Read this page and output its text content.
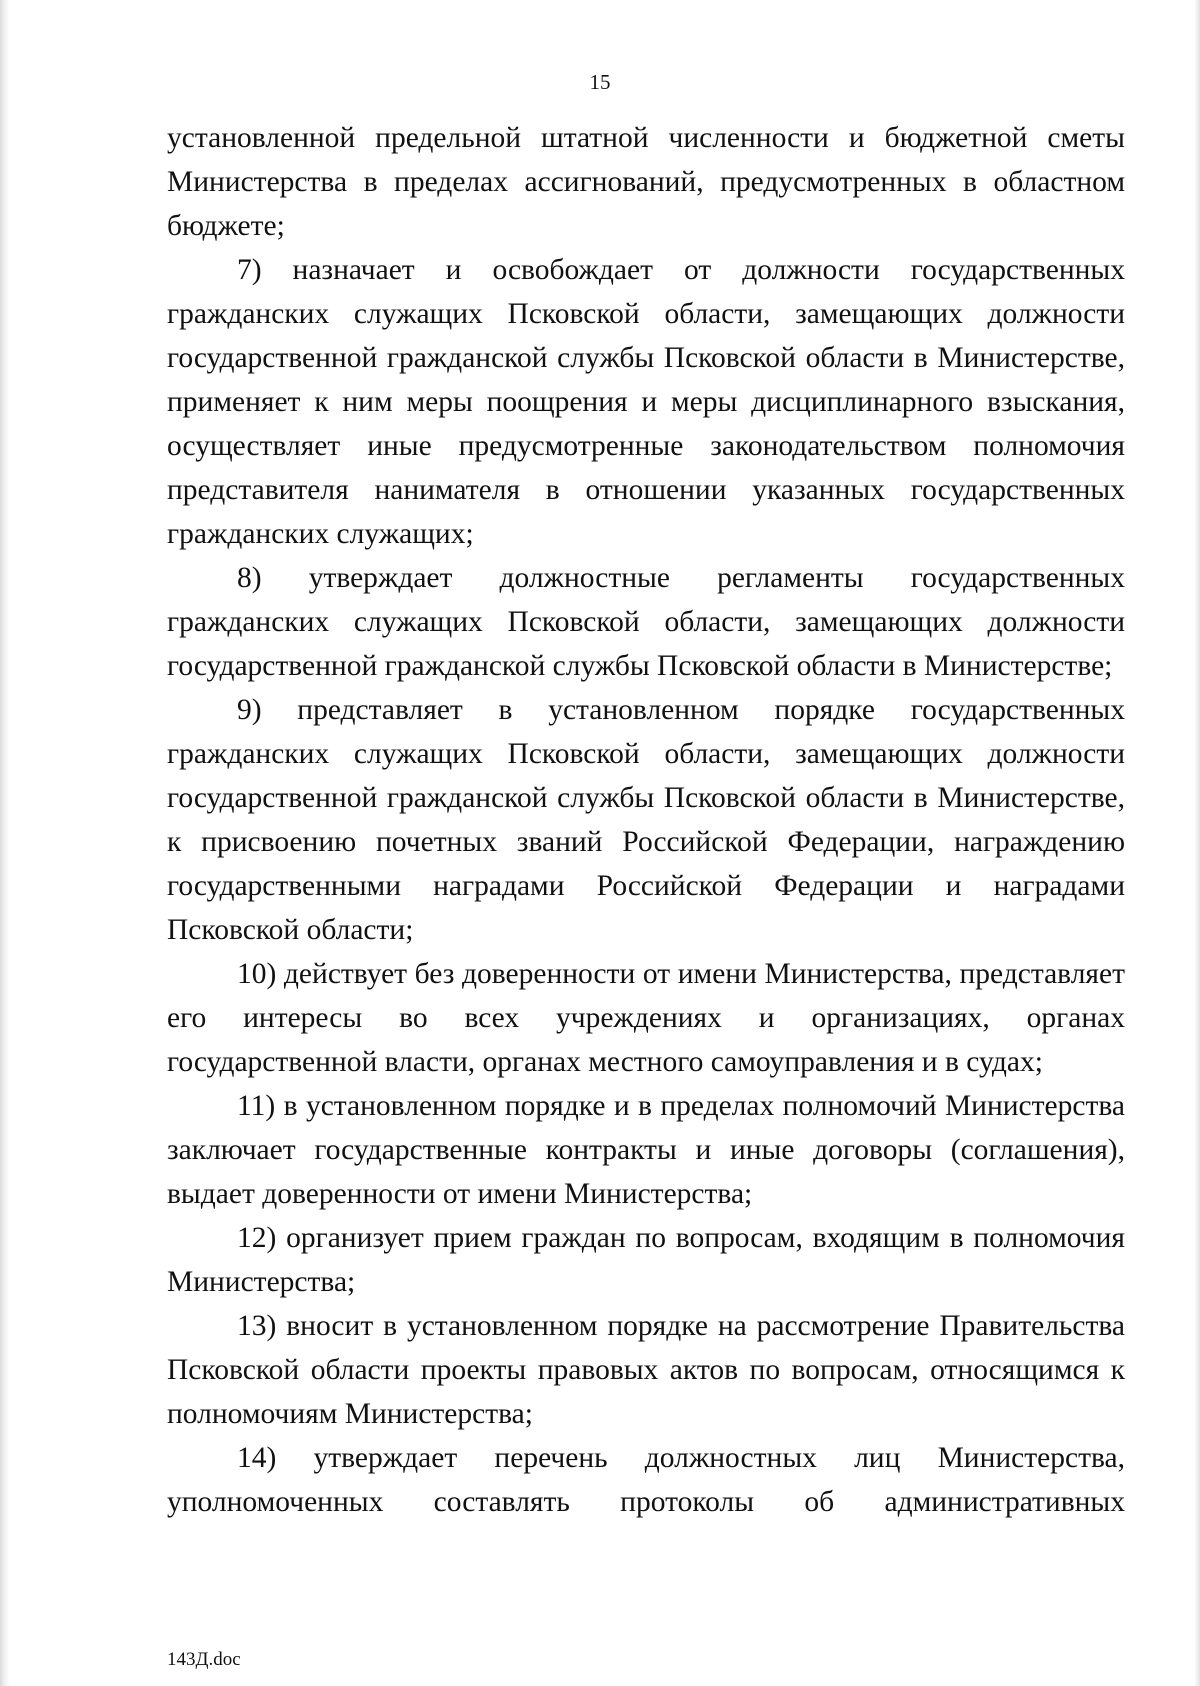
15

установленной предельной штатной численности и бюджетной сметы Министерства в пределах ассигнований, предусмотренных в областном бюджете;

7) назначает и освобождает от должности государственных гражданских служащих Псковской области, замещающих должности государственной гражданской службы Псковской области в Министерстве, применяет к ним меры поощрения и меры дисциплинарного взыскания, осуществляет иные предусмотренные законодательством полномочия представителя нанимателя в отношении указанных государственных гражданских служащих;

8) утверждает должностные регламенты государственных гражданских служащих Псковской области, замещающих должности государственной гражданской службы Псковской области в Министерстве;

9) представляет в установленном порядке государственных гражданских служащих Псковской области, замещающих должности государственной гражданской службы Псковской области в Министерстве, к присвоению почетных званий Российской Федерации, награждению государственными наградами Российской Федерации и наградами Псковской области;

10) действует без доверенности от имени Министерства, представляет его интересы во всех учреждениях и организациях, органах государственной власти, органах местного самоуправления и в судах;

11) в установленном порядке и в пределах полномочий Министерства заключает государственные контракты и иные договоры (соглашения), выдает доверенности от имени Министерства;

12) организует прием граждан по вопросам, входящим в полномочия Министерства;

13) вносит в установленном порядке на рассмотрение Правительства Псковской области проекты правовых актов по вопросам, относящимся к полномочиям Министерства;

14) утверждает перечень должностных лиц Министерства, уполномоченных составлять протоколы об административных

143Д.doc
